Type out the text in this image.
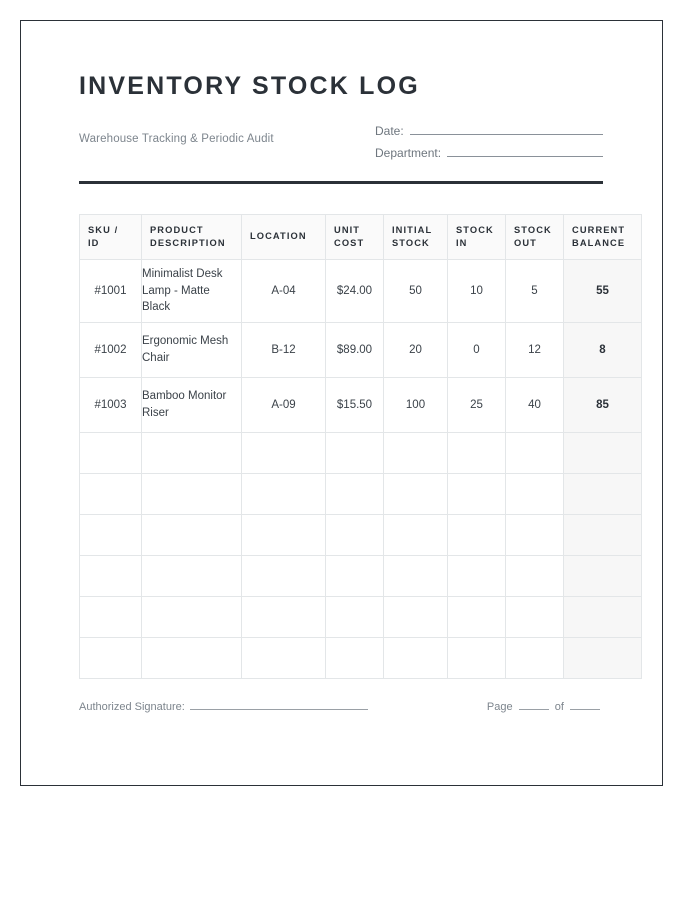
INVENTORY STOCK LOG
Warehouse Tracking & Periodic Audit
Date:
Department:
SKU / ID	PRODUCT DESCRIPTION	LOCATION	UNIT COST	INITIAL STOCK	STOCK IN	STOCK OUT	CURRENT BALANCE
#1001	Minimalist Desk Lamp - Matte Black	A-04	$24.00	50	10	5	55
#1002	Ergonomic Mesh Chair	B-12	$89.00	20	0	12	8
#1003	Bamboo Monitor Riser	A-09	$15.50	100	25	40	85

Authorized Signature:	Page	of
